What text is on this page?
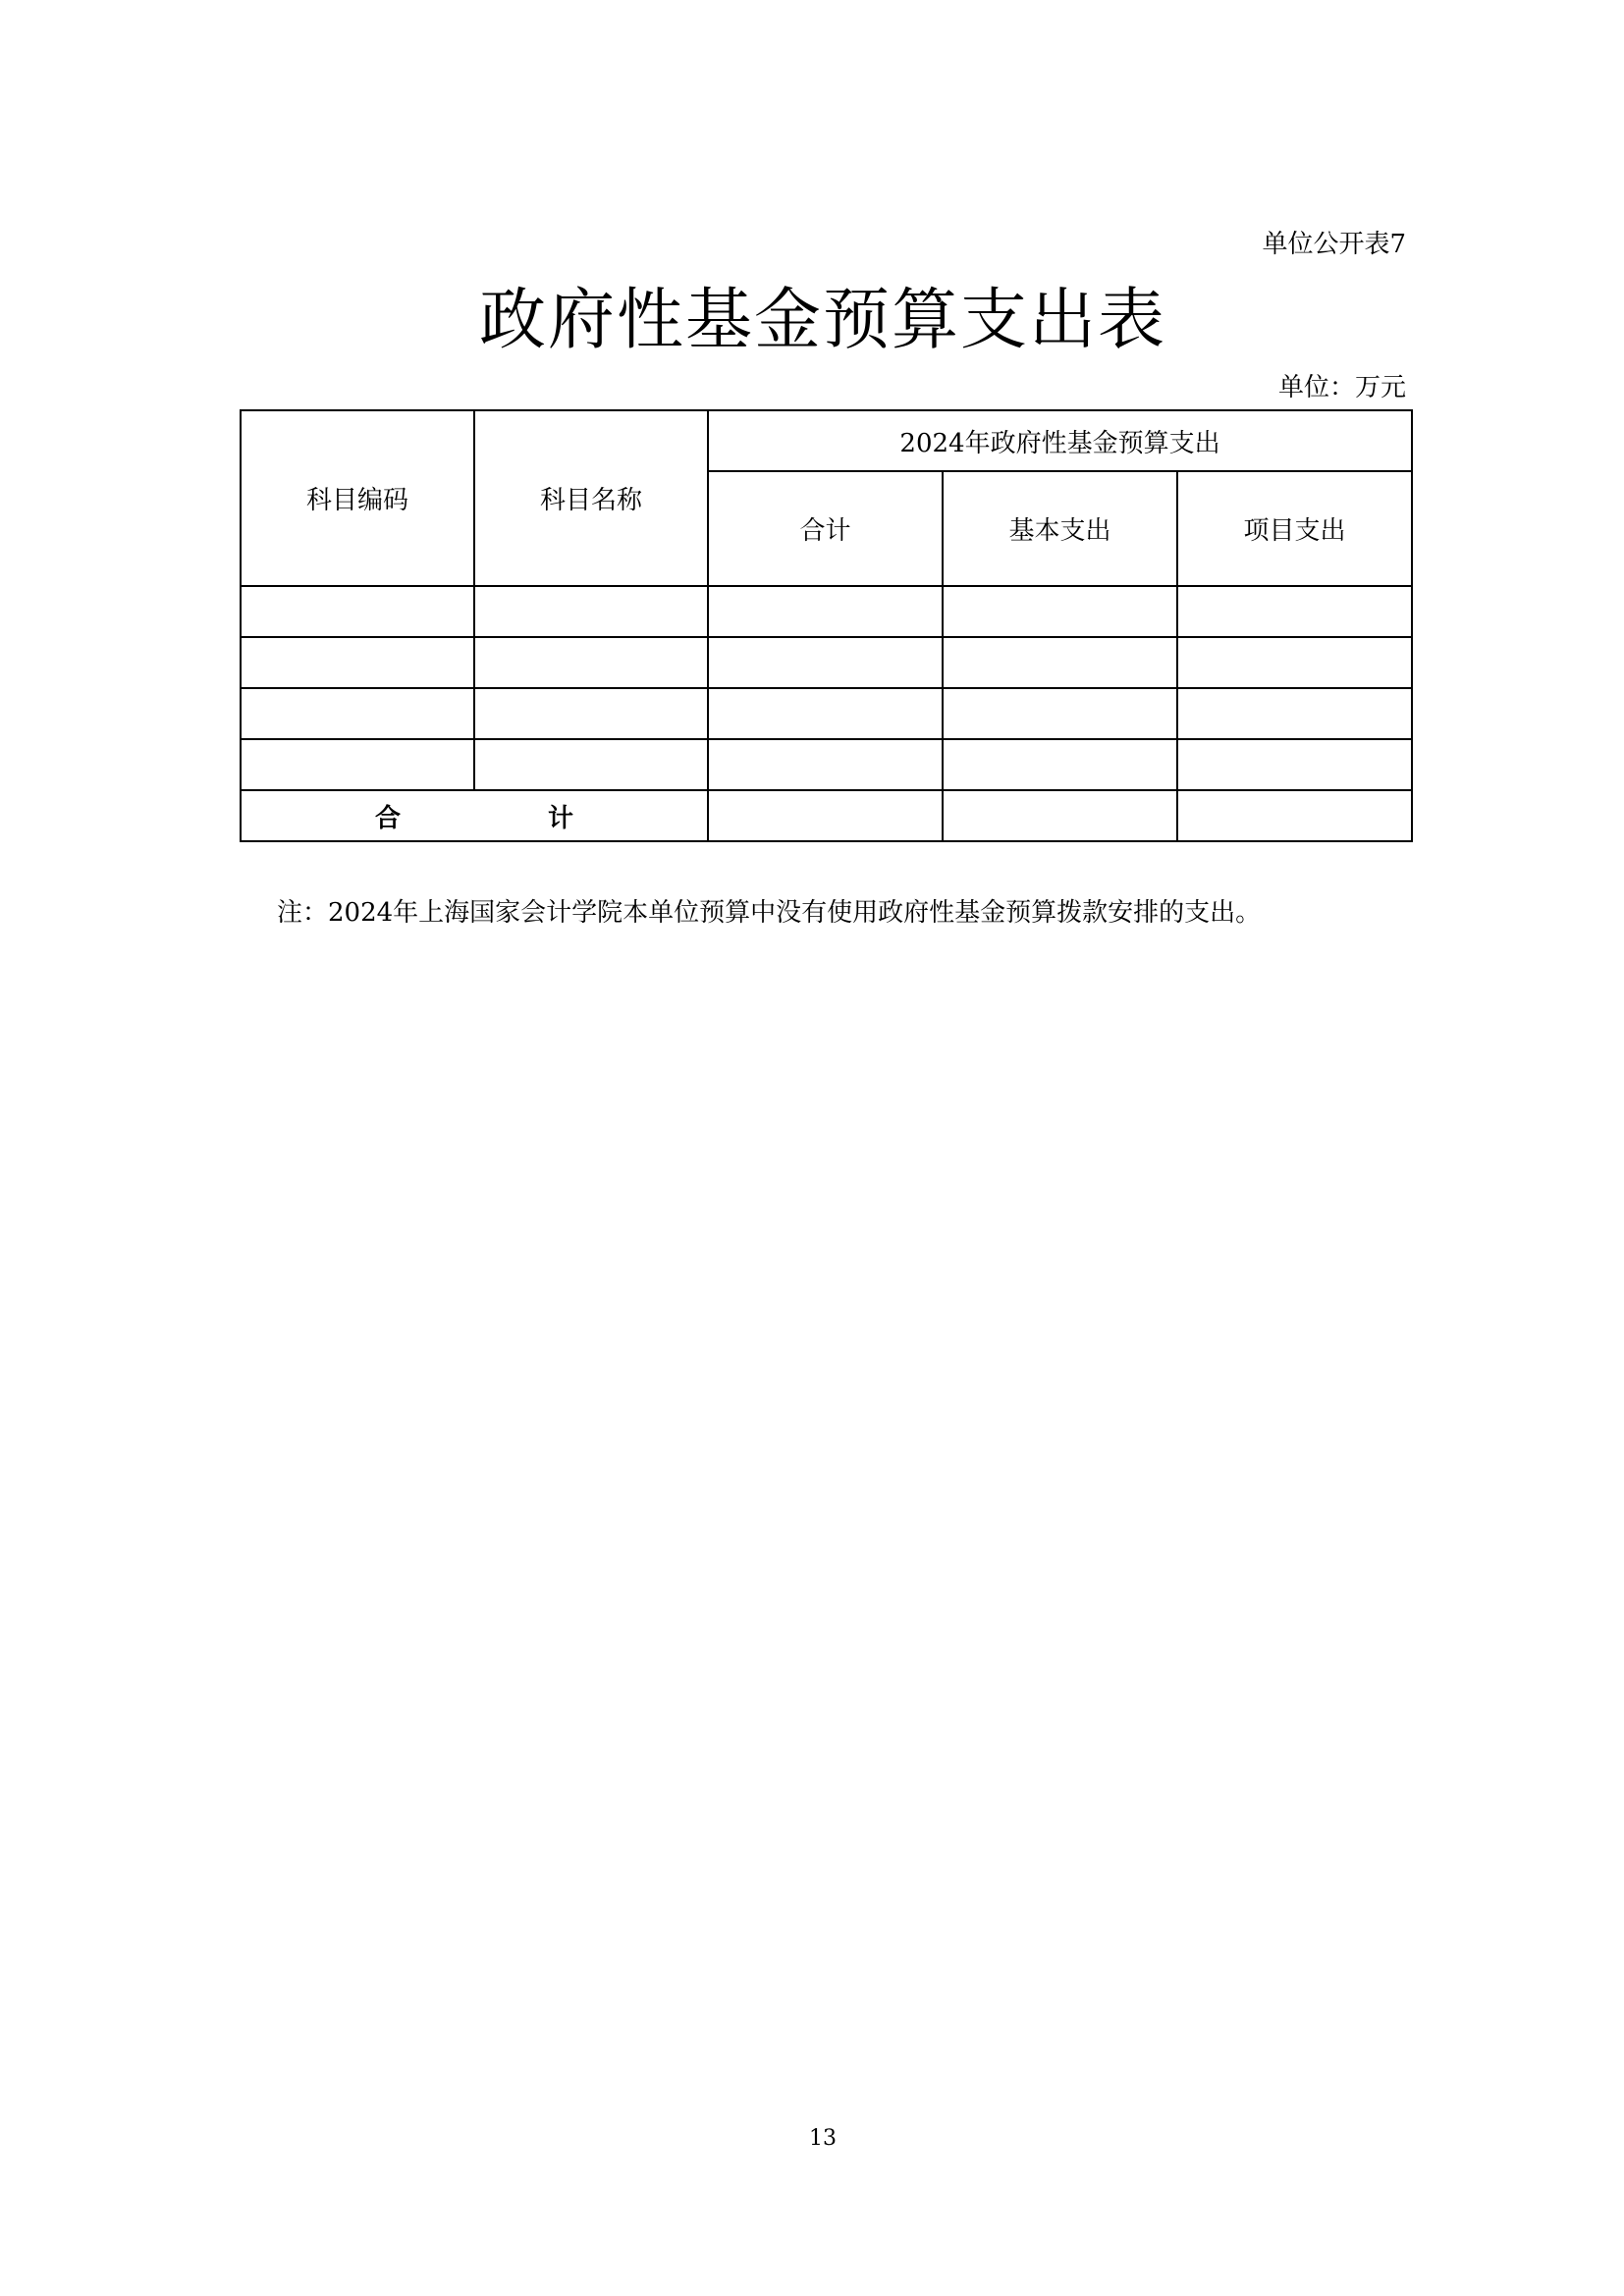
单位公开表7
政府性基金预算支出表
单位：万元
科目编码	科目名称	2024年政府性基金预算支出		
		合计	基本支出	项目支出

合 计				

注：2024年上海国家会计学院本单位预算中没有使用政府性基金预算拨款安排的支出。
13
